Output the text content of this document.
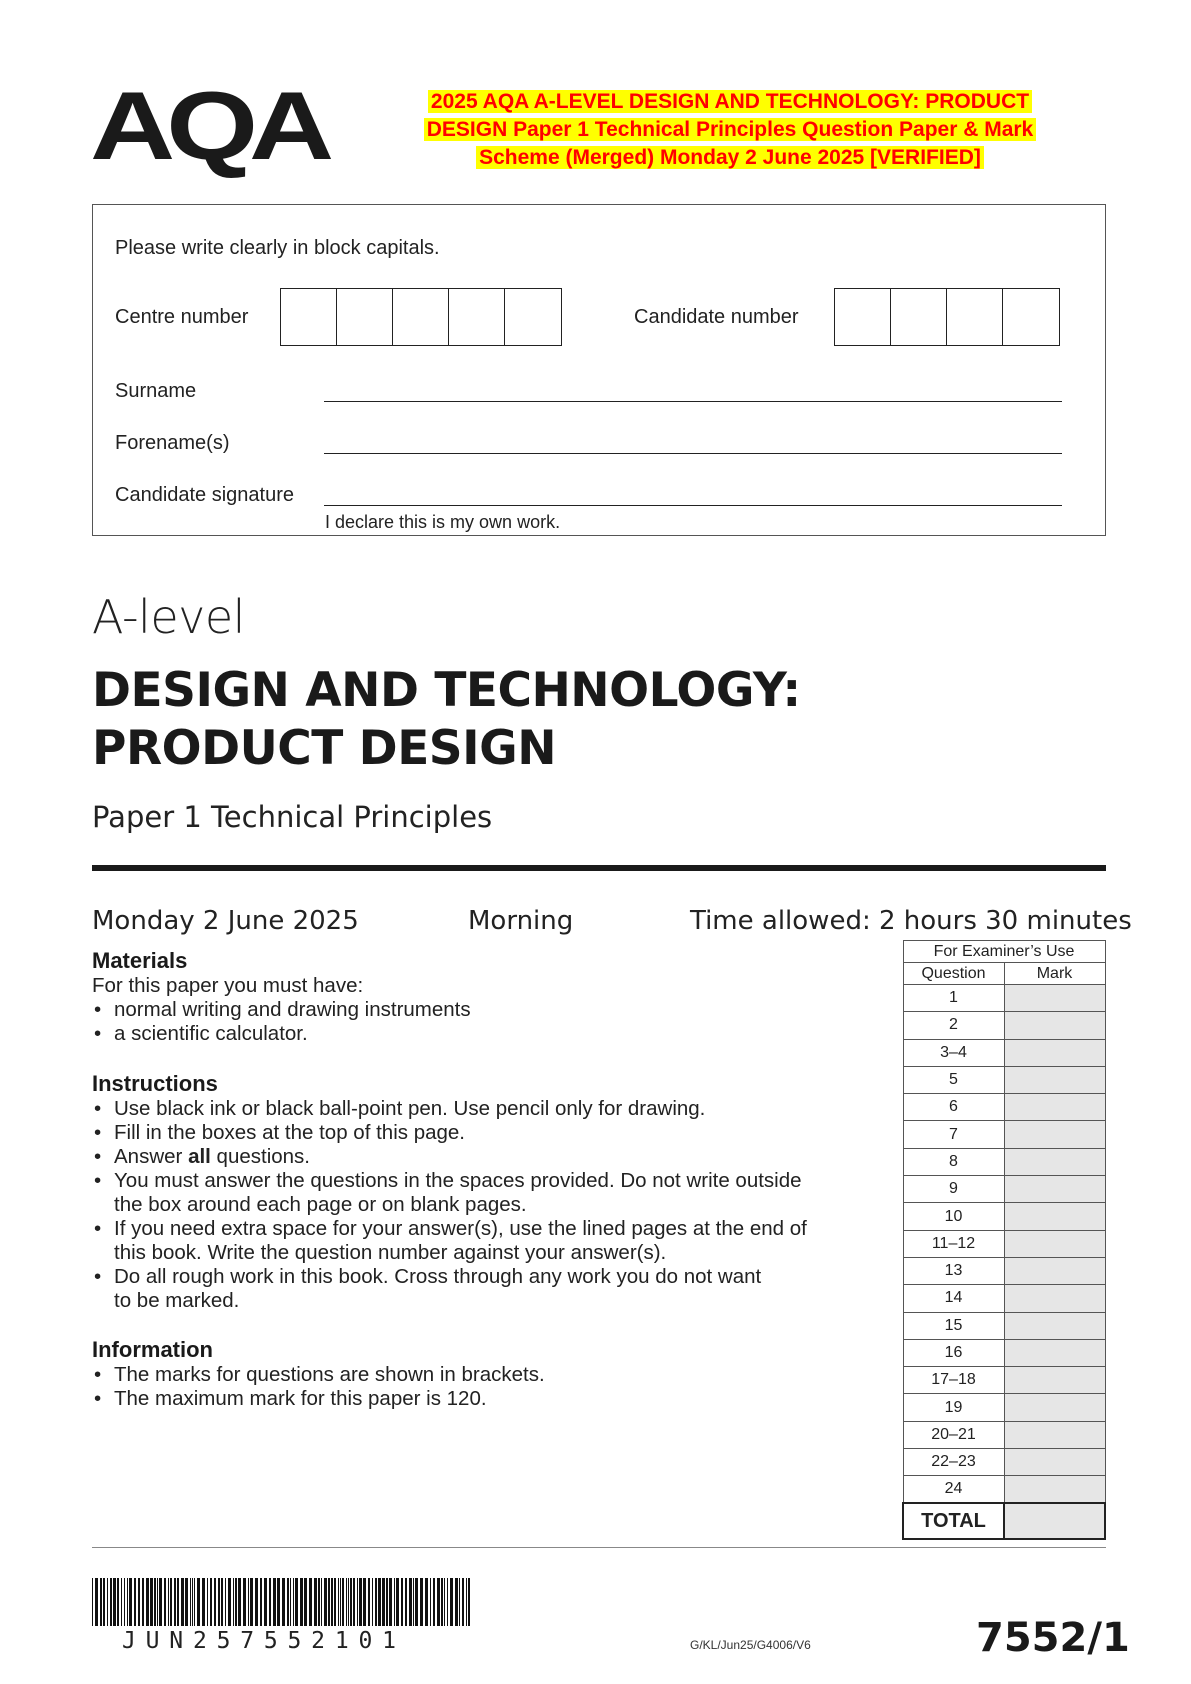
AQA	2025 AQA A-LEVEL DESIGN AND TECHNOLOGY: PRODUCT
DESIGN Paper 1 Technical Principles Question Paper & Mark
Scheme (Merged) Monday 2 June 2025 [VERIFIED]
Please write clearly in block capitals.
Centre number	Candidate number
Surname
Forename(s)
Candidate signature
I declare this is my own work.
A-level
DESIGN AND TECHNOLOGY:
PRODUCT DESIGN
Paper 1 Technical Principles
Monday 2 June 2025	Morning	Time allowed: 2 hours 30 minutes
Materials
For this paper you must have:
• normal writing and drawing instruments
• a scientific calculator.
Instructions
• Use black ink or black ball-point pen. Use pencil only for drawing.
• Fill in the boxes at the top of this page.
• Answer all questions.
• You must answer the questions in the spaces provided. Do not write outside
the box around each page or on blank pages.
• If you need extra space for your answer(s), use the lined pages at the end of
this book. Write the question number against your answer(s).
• Do all rough work in this book. Cross through any work you do not want
to be marked.
Information
• The marks for questions are shown in brackets.
• The maximum mark for this paper is 120.
For Examiner’s Use	
Question	Mark
1	
2	
3–4	
5	
6	
7	
8	
9	
10	
11–12	
13	
14	
15	
16	
17–18	
19	
20–21	
22–23	
24	
TOTAL	
JUN257552101	G/KL/Jun25/G4006/V6	7552/1
